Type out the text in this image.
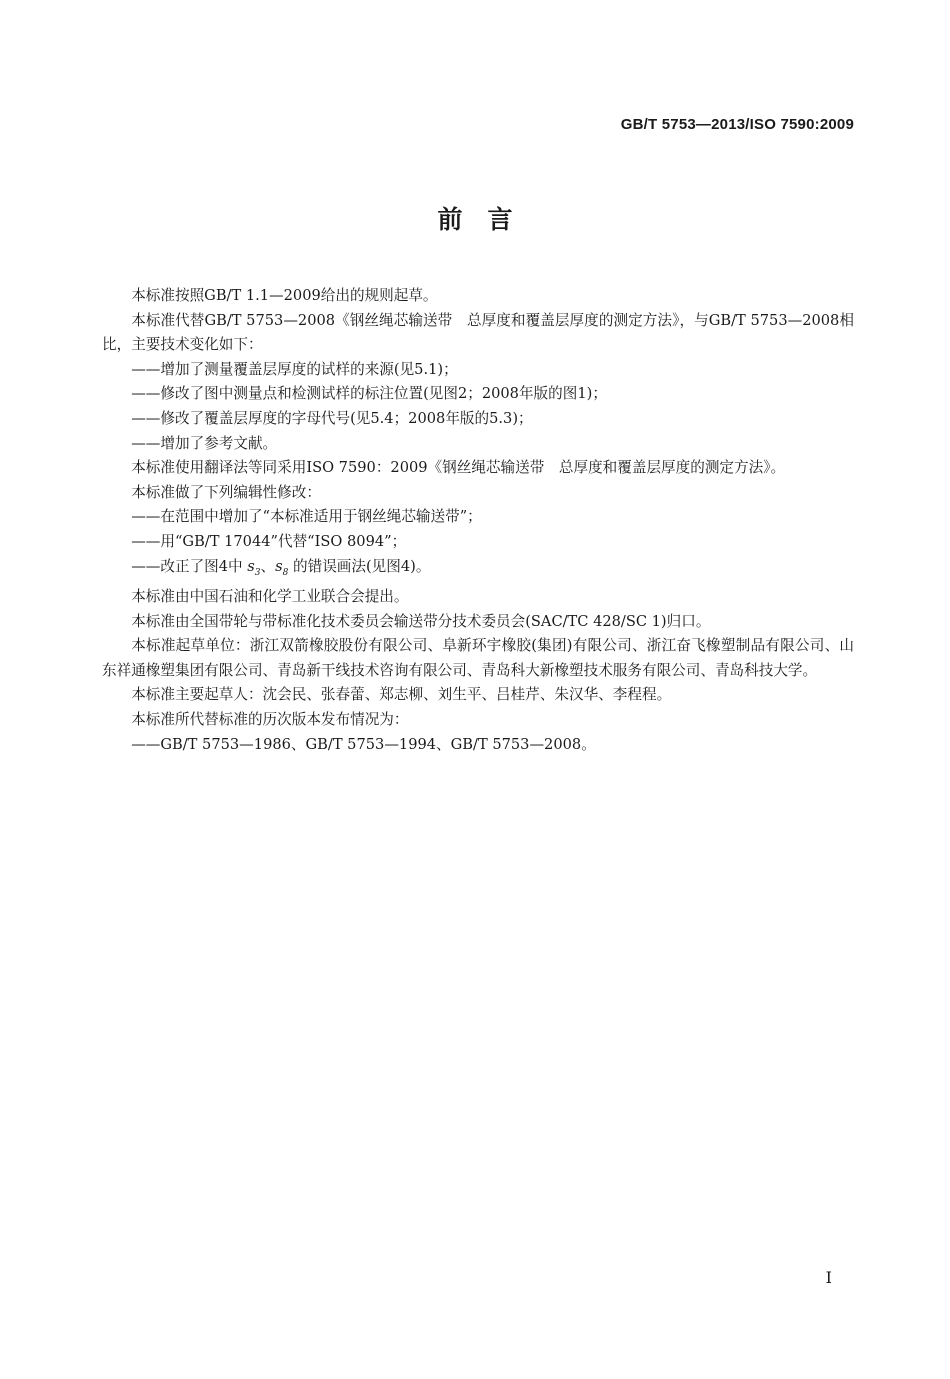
GB/T 5753—2013/ISO 7590:2009
前　言

本标准按照GB/T 1.1—2009给出的规则起草。

本标准代替GB/T 5753—2008《钢丝绳芯输送带　总厚度和覆盖层厚度的测定方法》，与GB/T 5753—2008相比，主要技术变化如下：

——增加了测量覆盖层厚度的试样的来源(见5.1)；

——修改了图中测量点和检测试样的标注位置(见图2；2008年版的图1)；

——修改了覆盖层厚度的字母代号(见5.4；2008年版的5.3)；

——增加了参考文献。

本标准使用翻译法等同采用ISO 7590：2009《钢丝绳芯输送带　总厚度和覆盖层厚度的测定方法》。

本标准做了下列编辑性修改：

——在范围中增加了“本标准适用于钢丝绳芯输送带”；

——用“GB/T 17044”代替“ISO 8094”；

——改正了图4中 $s_3$、$s_8$ 的错误画法(见图4)。

本标准由中国石油和化学工业联合会提出。

本标准由全国带轮与带标准化技术委员会输送带分技术委员会(SAC/TC 428/SC 1)归口。

本标准起草单位：浙江双箭橡胶股份有限公司、阜新环宇橡胶(集团)有限公司、浙江奋飞橡塑制品有限公司、山东祥通橡塑集团有限公司、青岛新干线技术咨询有限公司、青岛科大新橡塑技术服务有限公司、青岛科技大学。

本标准主要起草人：沈会民、张春蕾、郑志柳、刘生平、吕桂芹、朱汉华、李程程。

本标准所代替标准的历次版本发布情况为：

——GB/T 5753—1986、GB/T 5753—1994、GB/T 5753—2008。

I
